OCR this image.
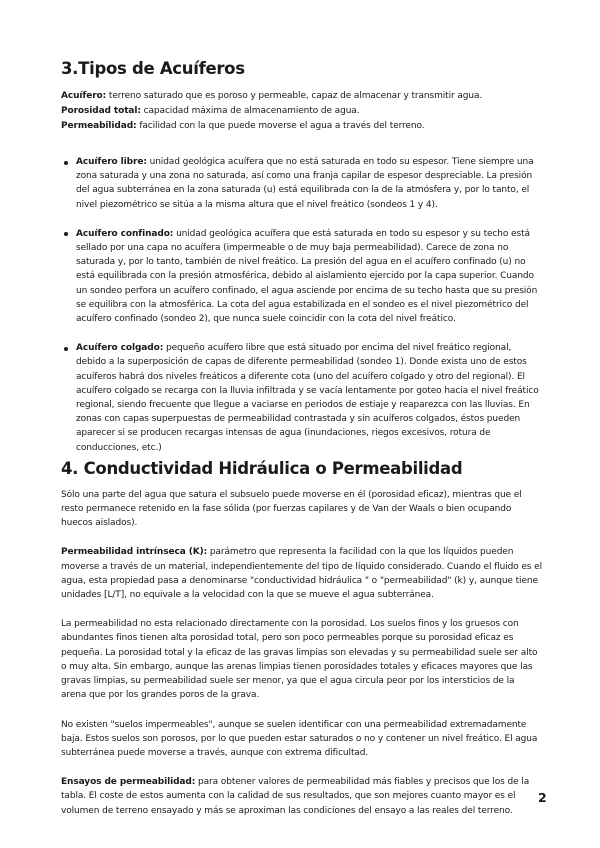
3.Tipos de Acuíferos

Acuífero: terreno saturado que es poroso y permeable, capaz de almacenar y transmitir agua.

Porosidad total: capacidad máxima de almacenamiento de agua.

Permeabilidad: facilidad con la que puede moverse el agua a través del terreno.

Acuífero libre: unidad geológica acuífera que no está saturada en todo su espesor. Tiene siempre una zona saturada y una zona no saturada, así como una franja capilar de espesor despreciable. La presión del agua subterránea en la zona saturada (u) está equilibrada con la de la atmósfera y, por lo tanto, el nivel piezométrico se sitúa a la misma altura que el nivel freático (sondeos 1 y 4).

Acuífero confinado: unidad geológica acuífera que está saturada en todo su espesor y su techo está sellado por una capa no acuífera (impermeable o de muy baja permeabilidad). Carece de zona no saturada y, por lo tanto, también de nivel freático. La presión del agua en el acuífero confinado (u) no está equilibrada con la presión atmosférica, debido al aislamiento ejercido por la capa superior. Cuando un sondeo perfora un acuífero confinado, el agua asciende por encima de su techo hasta que su presión se equilibra con la atmosférica. La cota del agua estabilizada en el sondeo es el nivel piezométrico del acuífero confinado (sondeo 2), que nunca suele coincidir con la cota del nivel freático.

Acuífero colgado: pequeño acuífero libre que está situado por encima del nivel freático regional, debido a la superposición de capas de diferente permeabilidad (sondeo 1). Donde exista uno de estos acuíferos habrá dos niveles freáticos a diferente cota (uno del acuífero colgado y otro del regional). El acuífero colgado se recarga con la lluvia infiltrada y se vacía lentamente por goteo hacia el nivel freático regional, siendo frecuente que llegue a vaciarse en periodos de estiaje y reaparezca con las lluvias. En zonas con capas superpuestas de permeabilidad contrastada y sin acuíferos colgados, éstos pueden aparecer si se producen recargas intensas de agua (inundaciones, riegos excesivos, rotura de conducciones, etc.)

4. Conductividad Hidráulica o Permeabilidad

Sólo una parte del agua que satura el subsuelo puede moverse en él (porosidad eficaz), mientras que el resto permanece retenido en la fase sólida (por fuerzas capilares y de Van der Waals o bien ocupando huecos aislados).

Permeabilidad intrínseca (K): parámetro que representa la facilidad con la que los líquidos pueden moverse a través de un material, independientemente del tipo de líquido considerado. Cuando el fluido es el agua, esta propiedad pasa a denominarse "conductividad hidráulica " o "permeabilidad" (k) y, aunque tiene unidades [L/T], no equivale a la velocidad con la que se mueve el agua subterránea.

La permeabilidad no esta relacionado directamente con la porosidad. Los suelos finos y los gruesos con abundantes finos tienen alta porosidad total, pero son poco permeables porque su porosidad eficaz es pequeña. La porosidad total y la eficaz de las gravas limpias son elevadas y su permeabilidad suele ser alto o muy alta. Sin embargo, aunque las arenas limpias tienen porosidades totales y eficaces mayores que las gravas limpias, su permeabilidad suele ser menor, ya que el agua circula peor por los intersticios de la arena que por los grandes poros de la grava.

No existen "suelos impermeables", aunque se suelen identificar con una permeabilidad extremadamente baja. Estos suelos son porosos, por lo que pueden estar saturados o no y contener un nivel freático. El agua subterránea puede moverse a través, aunque con extrema dificultad.

Ensayos de permeabilidad: para obtener valores de permeabilidad más fiables y precisos que los de la tabla. El coste de estos aumenta con la calidad de sus resultados, que son mejores cuanto mayor es el volumen de terreno ensayado y más se aproximan las condiciones del ensayo a las reales del terreno.

2
